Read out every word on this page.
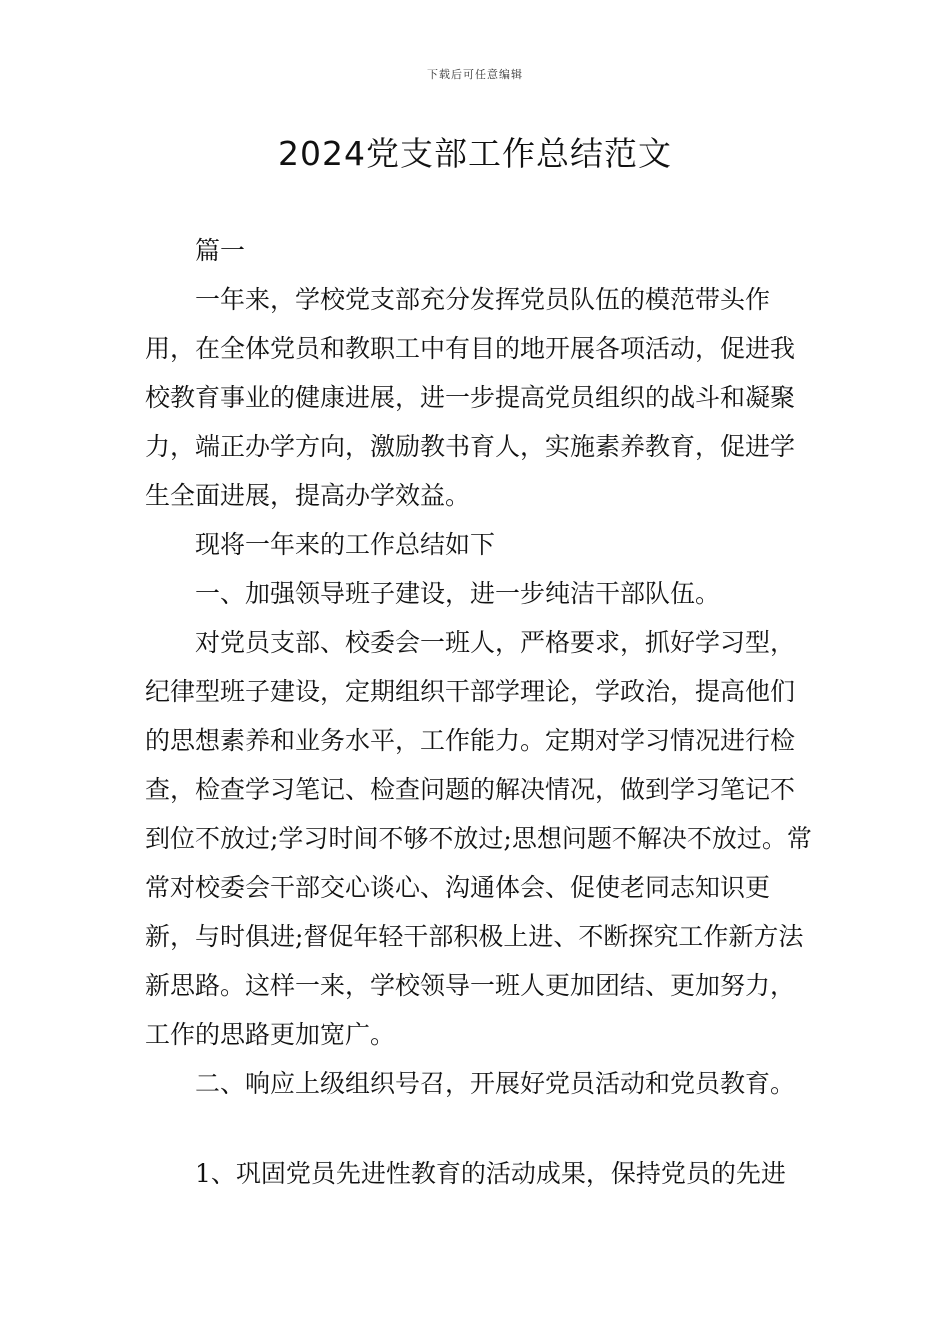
下载后可任意编辑
2024党支部工作总结范文

篇一

一年来，学校党支部充分发挥党员队伍的模范带头作用，在全体党员和教职工中有目的地开展各项活动，促进我校教育事业的健康进展，进一步提高党员组织的战斗和凝聚力，端正办学方向，激励教书育人，实施素养教育，促进学生全面进展，提高办学效益。

现将一年来的工作总结如下

一、加强领导班子建设，进一步纯洁干部队伍。

对党员支部、校委会一班人，严格要求，抓好学习型，纪律型班子建设，定期组织干部学理论，学政治，提高他们的思想素养和业务水平，工作能力。定期对学习情况进行检查，检查学习笔记、检查问题的解决情况，做到学习笔记不到位不放过;学习时间不够不放过;思想问题不解决不放过。常常对校委会干部交心谈心、沟通体会、促使老同志知识更新，与时俱进;督促年轻干部积极上进、不断探究工作新方法新思路。这样一来，学校领导一班人更加团结、更加努力，工作的思路更加宽广。

二、响应上级组织号召，开展好党员活动和党员教育。

1、巩固党员先进性教育的活动成果，保持党员的先进
